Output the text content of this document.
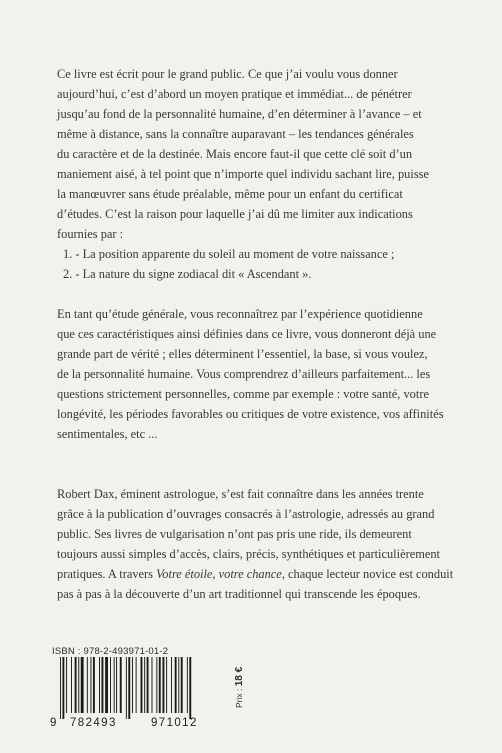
Ce livre est écrit pour le grand public. Ce que j’ai voulu vous donner
aujourd’hui, c’est d’abord un moyen pratique et immédiat... de pénétrer
jusqu’au fond de la personnalité humaine, d’en déterminer à l’avance – et
même à distance, sans la connaître auparavant – les tendances générales
du caractère et de la destinée. Mais encore faut-il que cette clé soit d’un
maniement aisé, à tel point que n’importe quel individu sachant lire, puisse
la manœuvrer sans étude préalable, même pour un enfant du certificat
d’études. C’est la raison pour laquelle j’ai dû me limiter aux indications
fournies par :
1. - La position apparente du soleil au moment de votre naissance ;
2. - La nature du signe zodiacal dit « Ascendant ».
En tant qu’étude générale, vous reconnaîtrez par l’expérience quotidienne
que ces caractéristiques ainsi définies dans ce livre, vous donneront déjà une
grande part de vérité ; elles déterminent l’essentiel, la base, si vous voulez,
de la personnalité humaine. Vous comprendrez d’ailleurs parfaitement... les
questions strictement personnelles, comme par exemple : votre santé, votre
longévité, les périodes favorables ou critiques de votre existence, vos affinités
sentimentales, etc ...
Robert Dax, éminent astrologue, s’est fait connaître dans les années trente
grâce à la publication d’ouvrages consacrés à l’astrologie, adressés au grand
public. Ses livres de vulgarisation n’ont pas pris une ride, ils demeurent
toujours aussi simples d’accès, clairs, précis, synthétiques et particulièrement
pratiques. A travers Votre étoile, votre chance, chaque lecteur novice est conduit
pas à pas à la découverte d’un art traditionnel qui transcende les époques.
ISBN : 978-2-493971-01-2
9 782493	971012
Prix : 18 €
